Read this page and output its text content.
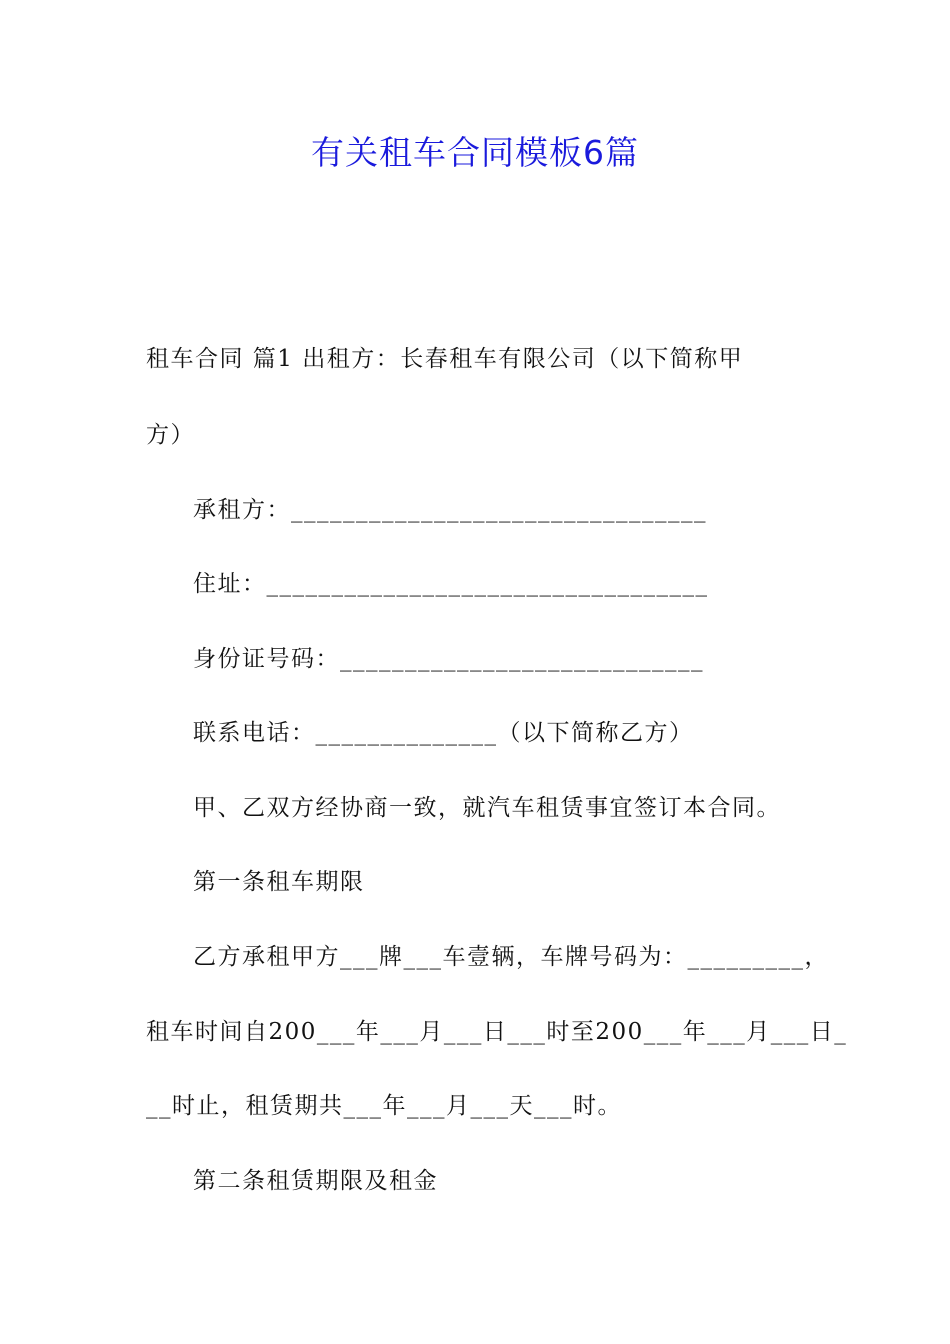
有关租车合同模板6篇
租车合同 篇1 出租方：长春租车有限公司（以下简称甲
方）
承租方：________________________________
住址：__________________________________
身份证号码：____________________________
联系电话：______________（以下简称乙方）
甲、乙双方经协商一致，就汽车租赁事宜签订本合同。
第一条租车期限
乙方承租甲方___牌___车壹辆，车牌号码为：_________，
租车时间自200___年___月___日___时至200___年___月___日_
__时止，租赁期共___年___月___天___时。
第二条租赁期限及租金
